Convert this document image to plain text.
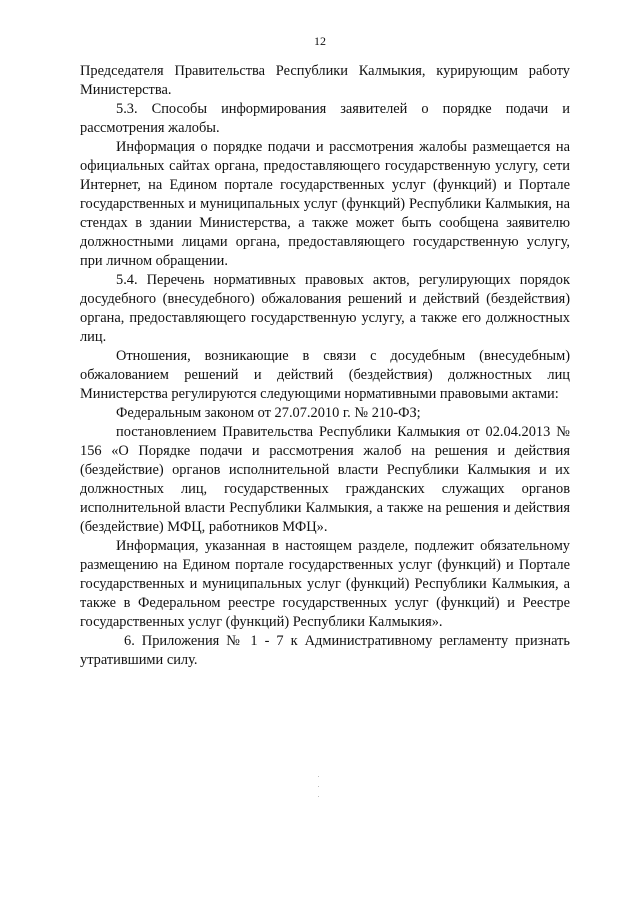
12

Председателя Правительства Республики Калмыкия, курирующим работу Министерства.

5.3. Способы информирования заявителей о порядке подачи и рассмотрения жалобы.

Информация о порядке подачи и рассмотрения жалобы размещается на официальных сайтах органа, предоставляющего государственную услугу, сети Интернет, на Едином портале государственных услуг (функций) и Портале государственных и муниципальных услуг (функций) Республики Калмыкия, на стендах в здании Министерства, а также может быть сообщена заявителю должностными лицами органа, предоставляющего государственную услугу, при личном обращении.

5.4. Перечень нормативных правовых актов, регулирующих порядок досудебного (внесудебного) обжалования решений и действий (бездействия) органа, предоставляющего государственную услугу, а также его должностных лиц.

Отношения, возникающие в связи с досудебным (внесудебным) обжалованием решений и действий (бездействия) должностных лиц Министерства регулируются следующими нормативными правовыми актами:

Федеральным законом от 27.07.2010 г. № 210-ФЗ;

постановлением Правительства Республики Калмыкия от 02.04.2013 № 156 «О Порядке подачи и рассмотрения жалоб на решения и действия (бездействие) органов исполнительной власти Республики Калмыкия и их должностных лиц, государственных гражданских служащих органов исполнительной власти Республики Калмыкия, а также на решения и действия (бездействие) МФЦ, работников МФЦ».

Информация, указанная в настоящем разделе, подлежит обязательному размещению на Едином портале государственных услуг (функций) и Портале государственных и муниципальных услуг (функций) Республики Калмыкия, а также в Федеральном реестре государственных услуг (функций) и Реестре государственных услуг (функций) Республики Калмыкия».

6. Приложения № 1 - 7 к Административному регламенту признать утратившими силу.
